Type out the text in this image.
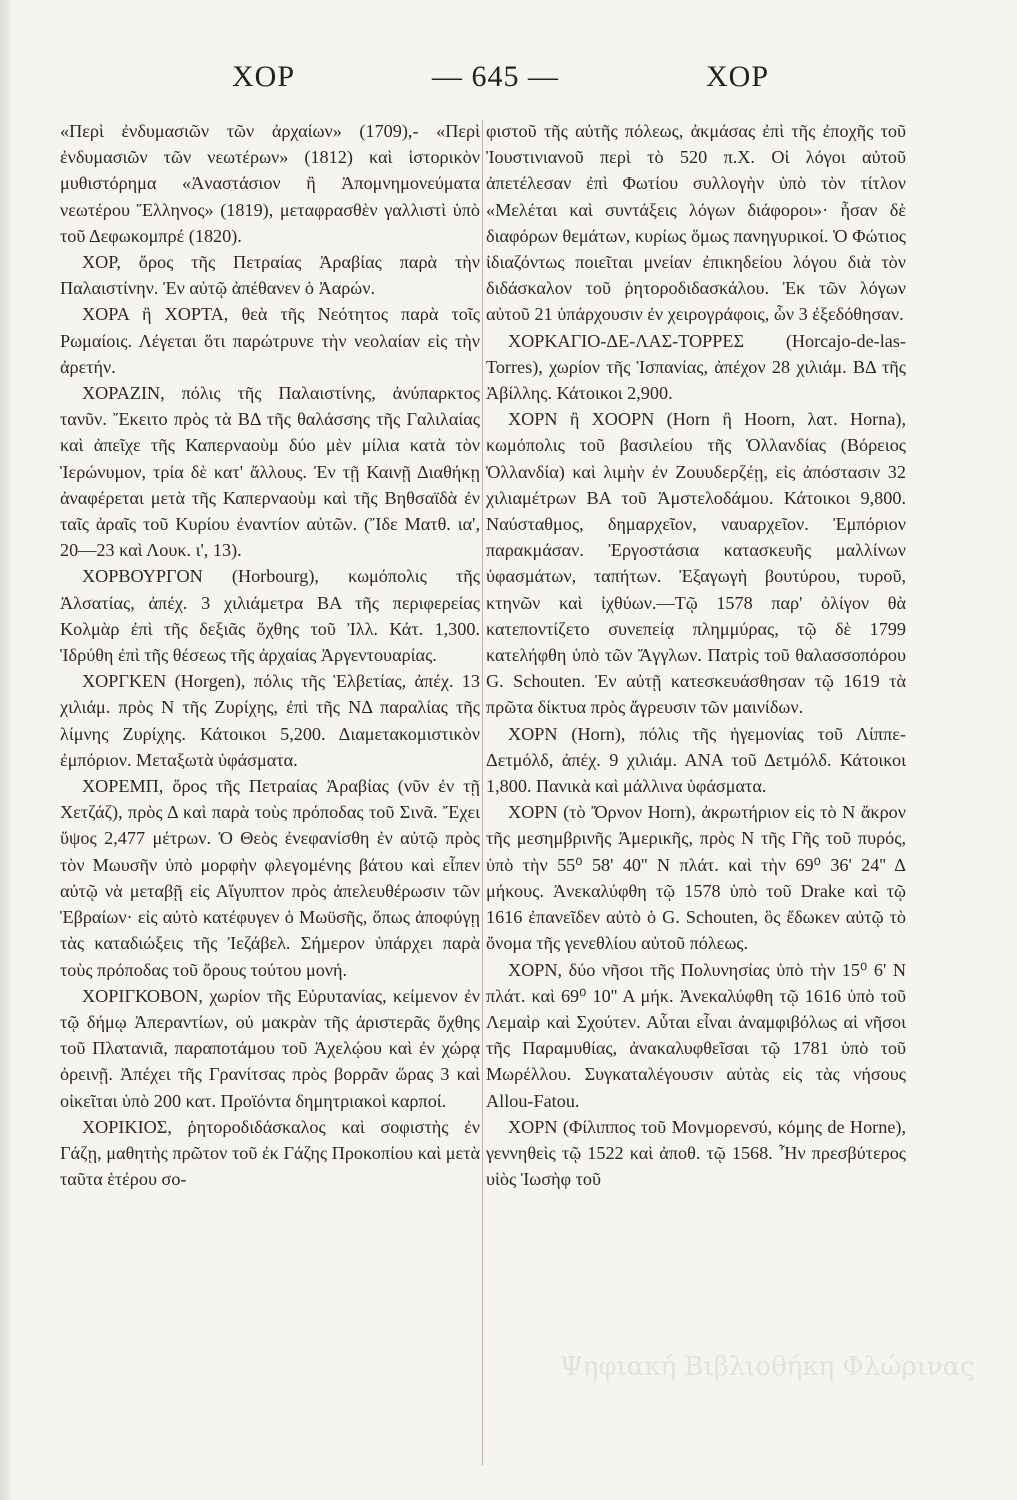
ΧΟΡ	— 645 —	ΧΟΡ

«Περὶ ἐνδυμασιῶν τῶν ἀρχαίων» (1709),- «Περὶ ἐνδυμασιῶν τῶν νεωτέρων» (1812) καὶ ἱστορικὸν μυθιστόρημα «Ἀναστάσιον ἢ Ἀπομνημονεύματα νεωτέρου Ἕλληνος» (1819), μεταφρασθὲν γαλλιστὶ ὑπὸ τοῦ Δεφωκομπρέ (1820).

ΧΟΡ, ὄρος τῆς Πετραίας Ἀραβίας παρὰ τὴν Παλαιστίνην. Ἐν αὐτῷ ἀπέθανεν ὁ Ἀαρών.

ΧΟΡΑ ἢ ΧΟΡΤΑ, θεὰ τῆς Νεότητος παρὰ τοῖς Ρωμαίοις. Λέγεται ὅτι παρώτρυνε τὴν νεολαίαν εἰς τὴν ἀρετήν.

ΧΟΡΑΖΙΝ, πόλις τῆς Παλαιστίνης, ἀνύπαρκτος τανῦν. Ἔκειτο πρὸς τὰ ΒΔ τῆς θαλάσσης τῆς Γαλιλαίας καὶ ἀπεῖχε τῆς Καπερναοὺμ δύο μὲν μίλια κατὰ τὸν Ἱερώνυμον, τρία δὲ κατ' ἄλλους. Ἐν τῇ Καινῇ Διαθήκῃ ἀναφέρεται μετὰ τῆς Καπερναοὺμ καὶ τῆς Βηθσαϊδὰ ἐν ταῖς ἀραῖς τοῦ Κυρίου ἐναντίον αὐτῶν. (Ἴδε Ματθ. ια', 20—23 καὶ Λουκ. ι', 13).

ΧΟΡΒΟΥΡΓΟΝ (Horbourg), κωμόπολις τῆς Ἀλσατίας, ἀπέχ. 3 χιλιάμετρα ΒΑ τῆς περιφερείας Κολμὰρ ἐπὶ τῆς δεξιᾶς ὄχθης τοῦ Ἰλλ. Κάτ. 1,300. Ἱδρύθη ἐπὶ τῆς θέσεως τῆς ἀρχαίας Ἀργεντουαρίας.

ΧΟΡΓΚΕΝ (Horgen), πόλις τῆς Ἑλβετίας, ἀπέχ. 13 χιλιάμ. πρὸς Ν τῆς Ζυρίχης, ἐπὶ τῆς ΝΔ παραλίας τῆς λίμνης Ζυρίχης. Κάτοικοι 5,200. Διαμετακομιστικὸν ἐμπόριον. Μεταξωτὰ ὑφάσματα.

ΧΟΡΕΜΠ, ὄρος τῆς Πετραίας Ἀραβίας (νῦν ἐν τῇ Χετζάζ), πρὸς Δ καὶ παρὰ τοὺς πρόποδας τοῦ Σινᾶ. Ἔχει ὕψος 2,477 μέτρων. Ὁ Θεὸς ἐνεφανίσθη ἐν αὐτῷ πρὸς τὸν Μωυσῆν ὑπὸ μορφὴν φλεγομένης βάτου καὶ εἶπεν αὐτῷ νὰ μεταβῇ εἰς Αἴγυπτον πρὸς ἀπελευθέρωσιν τῶν Ἑβραίων· εἰς αὐτὸ κατέφυγεν ὁ Μωϋσῆς, ὅπως ἀποφύγῃ τὰς καταδιώξεις τῆς Ἰεζάβελ. Σήμερον ὑπάρχει παρὰ τοὺς πρόποδας τοῦ ὄρους τούτου μονή.

ΧΟΡΙΓΚΟΒΟΝ, χωρίον τῆς Εὐρυτανίας, κείμενον ἐν τῷ δήμῳ Ἀπεραντίων, οὐ μακρὰν τῆς ἀριστερᾶς ὄχθης τοῦ Πλατανιᾶ, παραποτάμου τοῦ Ἀχελῴου καὶ ἐν χώρᾳ ὀρεινῇ. Ἀπέχει τῆς Γρανίτσας πρὸς βορρᾶν ὥρας 3 καὶ οἰκεῖται ὑπὸ 200 κατ. Προϊόντα δημητριακοὶ καρποί.

ΧΟΡΙΚΙΟΣ, ῥητοροδιδάσκαλος καὶ σοφιστὴς ἐν Γάζῃ, μαθητὴς πρῶτον τοῦ ἐκ Γάζης Προκοπίου καὶ μετὰ ταῦτα ἑτέρου σο-

φιστοῦ τῆς αὐτῆς πόλεως, ἀκμάσας ἐπὶ τῆς ἐποχῆς τοῦ Ἰουστινιανοῦ περὶ τὸ 520 π.Χ. Οἱ λόγοι αὐτοῦ ἀπετέλεσαν ἐπὶ Φωτίου συλλογὴν ὑπὸ τὸν τίτλον «Μελέται καὶ συντάξεις λόγων διάφοροι»· ἦσαν δὲ διαφόρων θεμάτων, κυρίως ὅμως πανηγυρικοί. Ὁ Φώτιος ἰδιαζόντως ποιεῖται μνείαν ἐπικηδείου λόγου διὰ τὸν διδάσκαλον τοῦ ῥητοροδιδασκάλου. Ἐκ τῶν λόγων αὐτοῦ 21 ὑπάρχουσιν ἐν χειρογράφοις, ὧν 3 ἐξεδόθησαν.

ΧΟΡΚΑΓΙΟ-ΔΕ-ΛΑΣ-ΤΟΡΡΕΣ (Horcajo-de-las-Torres), χωρίον τῆς Ἱσπανίας, ἀπέχον 28 χιλιάμ. ΒΔ τῆς Ἀβίλλης. Κάτοικοι 2,900.

ΧΟΡΝ ἢ ΧΟΟΡΝ (Horn ἢ Hoorn, λατ. Horna), κωμόπολις τοῦ βασιλείου τῆς Ὁλλανδίας (Βόρειος Ὁλλανδία) καὶ λιμὴν ἐν Ζουυδερζέῃ, εἰς ἀπόστασιν 32 χιλιαμέτρων ΒΑ τοῦ Ἀμστελοδάμου. Κάτοικοι 9,800. Ναύσταθμος, δημαρχεῖον, ναυαρχεῖον. Ἐμπόριον παρακμάσαν. Ἐργοστάσια κατασκευῆς μαλλίνων ὑφασμάτων, ταπήτων. Ἐξαγωγὴ βουτύρου, τυροῦ, κτηνῶν καὶ ἰχθύων.—Τῷ 1578 παρ' ὀλίγον θὰ κατεποντίζετο συνεπείᾳ πλημμύρας, τῷ δὲ 1799 κατελήφθη ὑπὸ τῶν Ἄγγλων. Πατρὶς τοῦ θαλασσοπόρου G. Schouten. Ἐν αὐτῇ κατεσκευάσθησαν τῷ 1619 τὰ πρῶτα δίκτυα πρὸς ἄγρευσιν τῶν μαινίδων.

ΧΟΡΝ (Horn), πόλις τῆς ἡγεμονίας τοῦ Λίππε-Δετμόλδ, ἀπέχ. 9 χιλιάμ. ΑΝΑ τοῦ Δετμόλδ. Κάτοικοι 1,800. Πανικὰ καὶ μάλλινα ὑφάσματα.

ΧΟΡΝ (τὸ Ὄρνον Horn), ἀκρωτήριον εἰς τὸ Ν ἄκρον τῆς μεσημβρινῆς Ἀμερικῆς, πρὸς Ν τῆς Γῆς τοῦ πυρός, ὑπὸ τὴν 55⁰ 58' 40'' Ν πλάτ. καὶ τὴν 69⁰ 36' 24'' Δ μήκους. Ἀνεκαλύφθη τῷ 1578 ὑπὸ τοῦ Drake καὶ τῷ 1616 ἐπανεῖδεν αὐτὸ ὁ G. Schouten, ὃς ἔδωκεν αὐτῷ τὸ ὄνομα τῆς γενεθλίου αὐτοῦ πόλεως.

ΧΟΡΝ, δύο νῆσοι τῆς Πολυνησίας ὑπὸ τὴν 15⁰ 6' Ν πλάτ. καὶ 69⁰ 10'' Α μήκ. Ἀνεκαλύφθη τῷ 1616 ὑπὸ τοῦ Λεμαὶρ καὶ Σχούτεν. Αὗται εἶναι ἀναμφιβόλως αἱ νῆσοι τῆς Παραμυθίας, ἀνακαλυφθεῖσαι τῷ 1781 ὑπὸ τοῦ Μωρέλλου. Συγκαταλέγουσιν αὐτὰς εἰς τὰς νήσους Allou-Fatou.

ΧΟΡΝ (Φίλιππος τοῦ Μονμορενσύ, κόμης de Horne), γεννηθεὶς τῷ 1522 καὶ ἀποθ. τῷ 1568. Ἦν πρεσβύτερος υἱὸς Ἰωσὴφ τοῦ

Ψηφιακή Βιβλιοθήκη Φλώρινας
